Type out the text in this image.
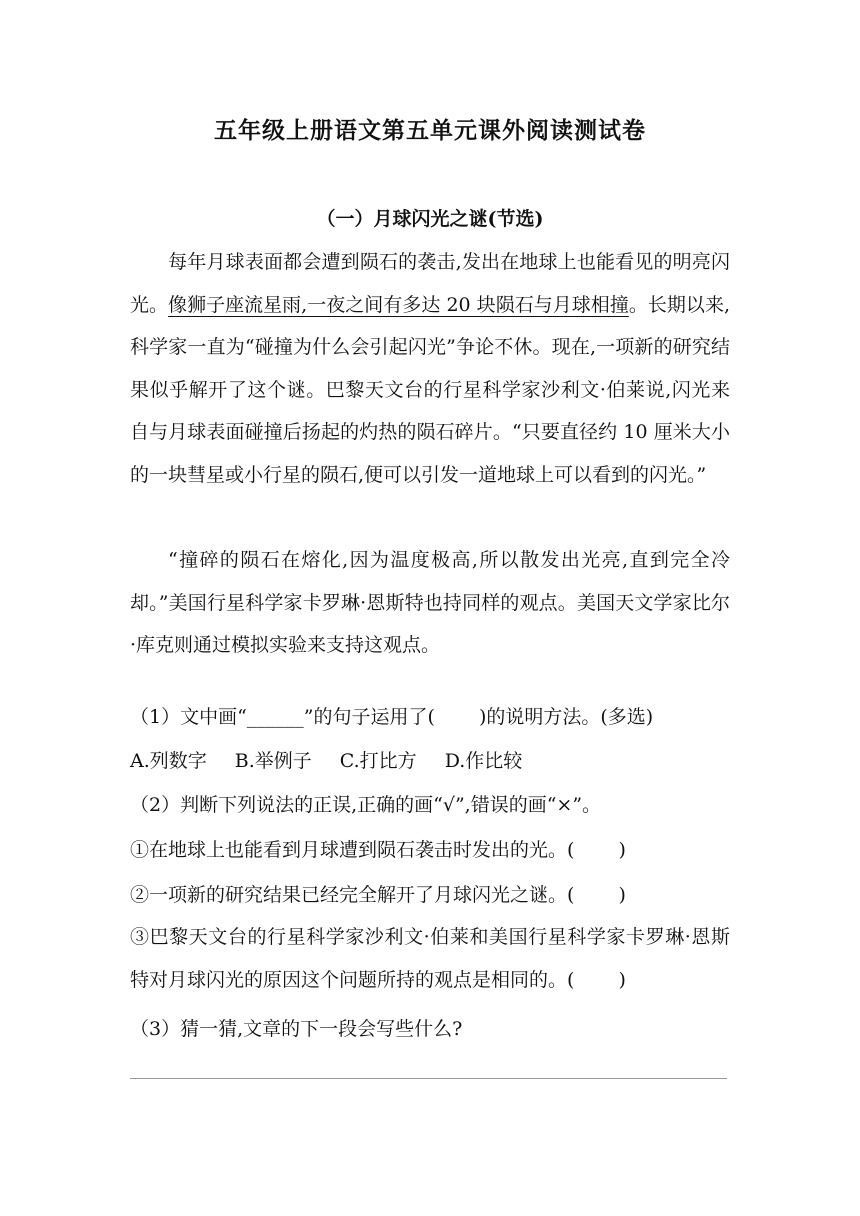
五年级上册语文第五单元课外阅读测试卷
（一）月球闪光之谜(节选)

每年月球表面都会遭到陨石的袭击,发出在地球上也能看见的明亮闪光。像狮子座流星雨,一夜之间有多达 20 块陨石与月球相撞。长期以来,科学家一直为“碰撞为什么会引起闪光”争论不休。现在,一项新的研究结果似乎解开了这个谜。巴黎天文台的行星科学家沙利文·伯莱说,闪光来自与月球表面碰撞后扬起的灼热的陨石碎片。“只要直径约 10 厘米大小的一块彗星或小行星的陨石,便可以引发一道地球上可以看到的闪光。”

“撞碎的陨石在熔化,因为温度极高,所以散发出光亮,直到完全冷却。”美国行星科学家卡罗琳·恩斯特也持同样的观点。美国天文学家比尔·库克则通过模拟实验来支持这观点。

（1）文中画“______”的句子运用了(　　 )的说明方法。(多选)
A.列数字 B.举例子 C.打比方 D.作比较
（2）判断下列说法的正误,正确的画“√”,错误的画“×”。
①在地球上也能看到月球遭到陨石袭击时发出的光。(　　 )
②一项新的研究结果已经完全解开了月球闪光之谜。(　　 )

③巴黎天文台的行星科学家沙利文·伯莱和美国行星科学家卡罗琳·恩斯特对月球闪光的原因这个问题所持的观点是相同的。(　　 )

（3）猜一猜,文章的下一段会写些什么?
